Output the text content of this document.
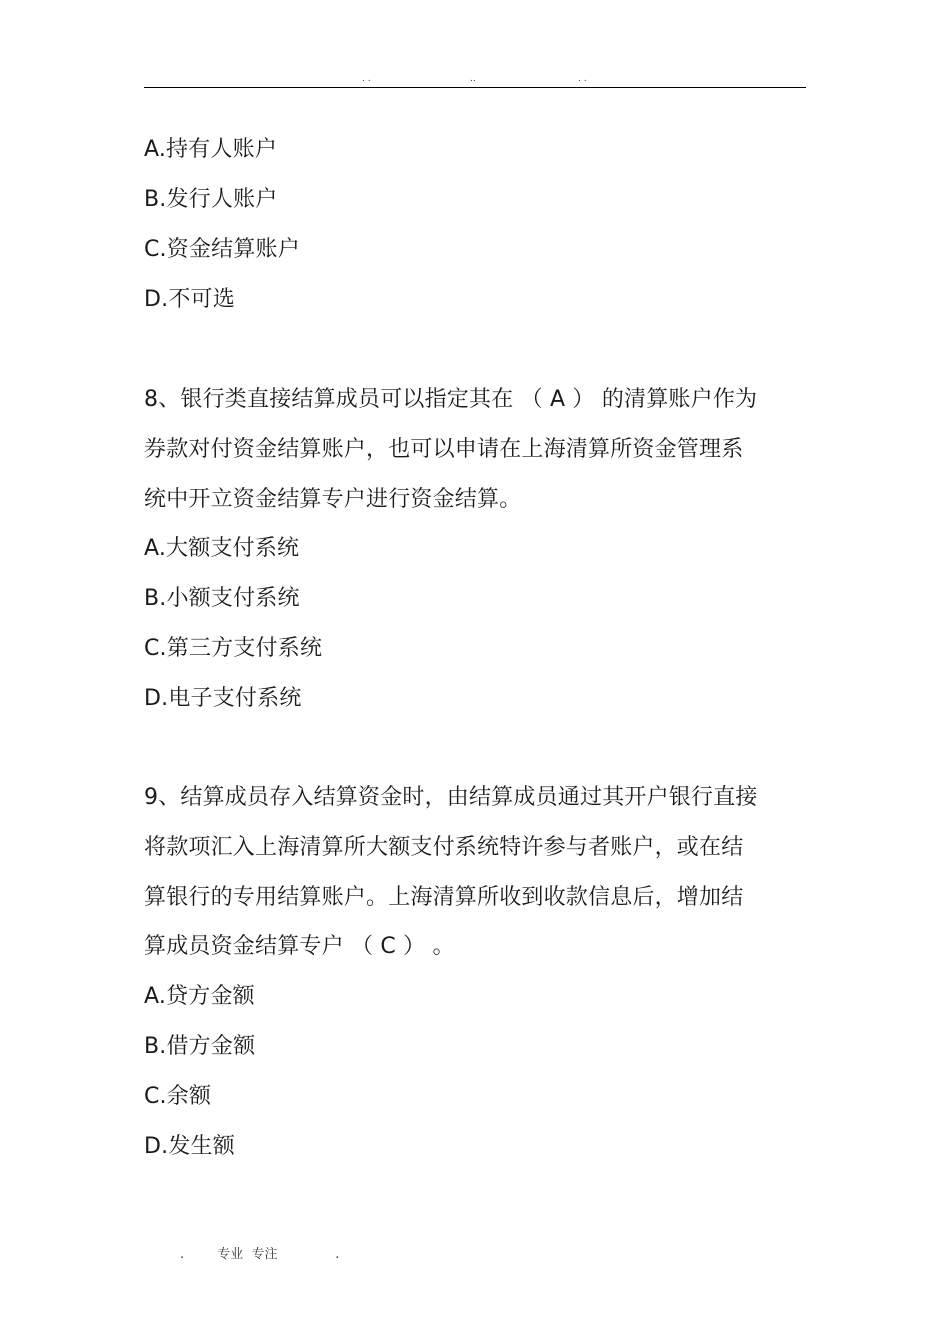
. .	..	. .
A.持有人账户
B.发行人账户
C.资金结算账户
D.不可选
8、银行类直接结算成员可以指定其在 （ A ） 的清算账户作为
券款对付资金结算账户，也可以申请在上海清算所资金管理系
统中开立资金结算专户进行资金结算。
A.大额支付系统
B.小额支付系统
C.第三方支付系统
D.电子支付系统
9、结算成员存入结算资金时，由结算成员通过其开户银行直接
将款项汇入上海清算所大额支付系统特许参与者账户，或在结
算银行的专用结算账户。上海清算所收到收款信息后，增加结
算成员资金结算专户 （ C ） 。
A.贷方金额
B.借方金额
C.余额
D.发生额
.        专业  专注              .
